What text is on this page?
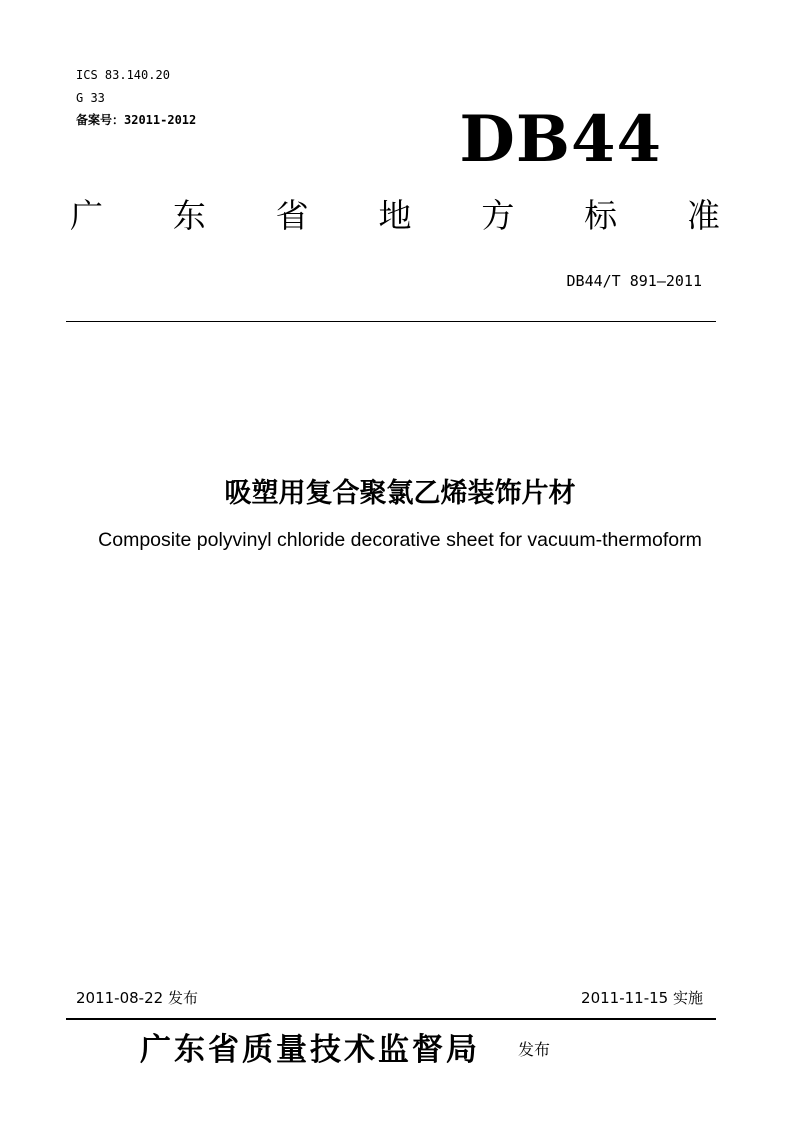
ICS 83.140.20
G 33
备案号：32011-2012	DB44
广 东 省 地 方 标 准
DB44/T 891—2011
吸塑用复合聚氯乙烯装饰片材
Composite polyvinyl chloride decorative sheet for vacuum-thermoform
2011-08-22 发布	2011-11-15 实施
广东省质量技术监督局 发布
